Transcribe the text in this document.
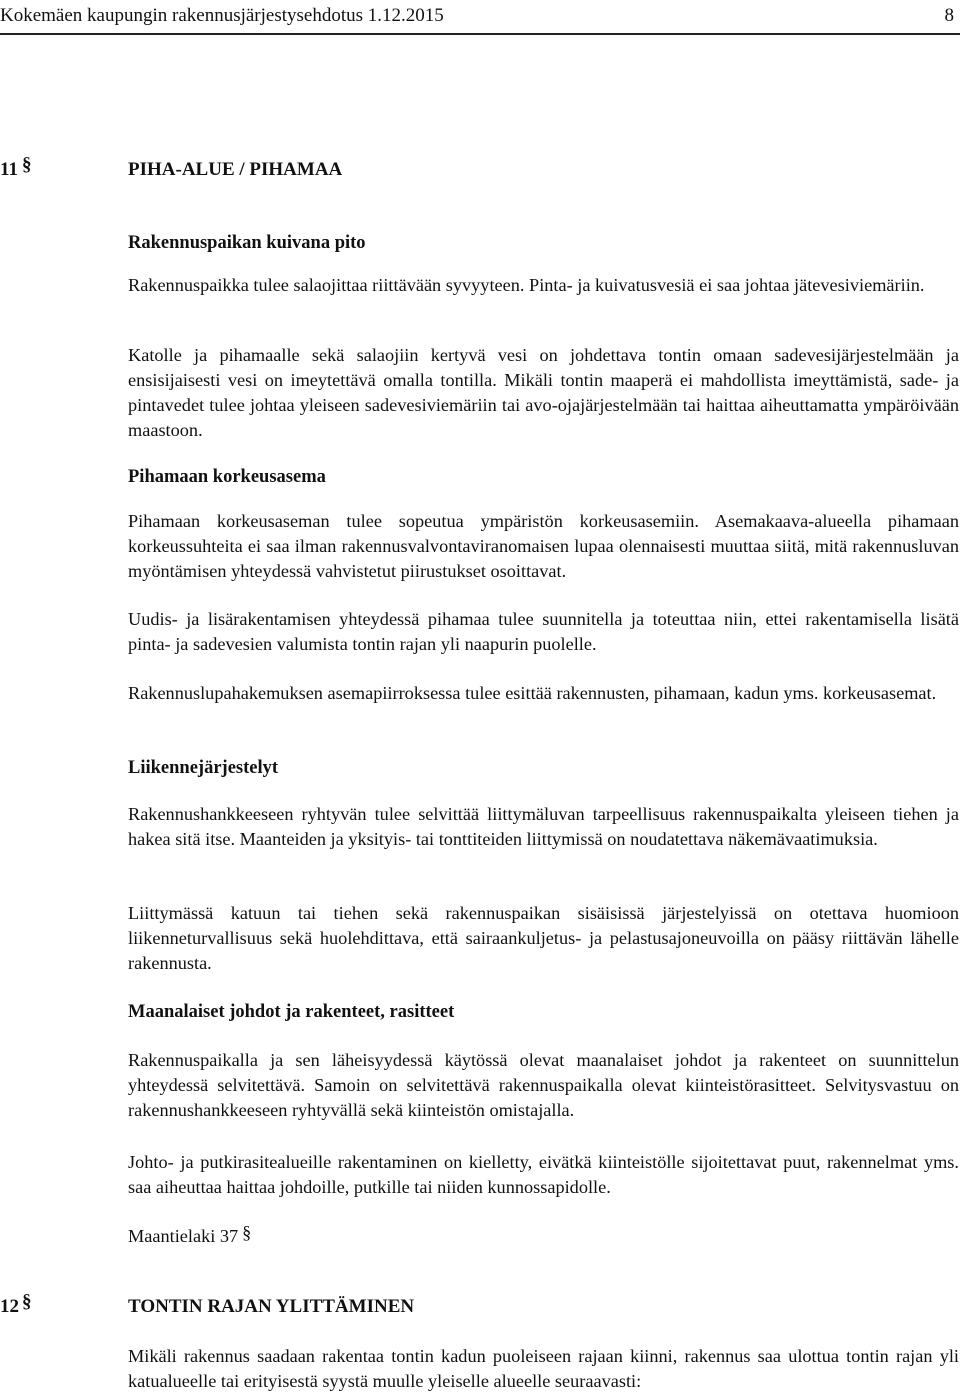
Kokemäen kaupungin rakennusjärjestysehdotus 1.12.2015	8
11 §	PIHA-ALUE / PIHAMAA
Rakennuspaikan kuivana pito
Rakennuspaikka tulee salaojittaa riittävään syvyyteen. Pinta- ja kuivatusvesiä ei saa johtaa jätevesiviemäriin.
Katolle ja pihamaalle sekä salaojiin kertyvä vesi on johdettava tontin omaan sadevesijärjestelmään ja ensisijaisesti vesi on imeytettävä omalla tontilla. Mikäli tontin maaperä ei mahdollista imeyttämistä, sade- ja pintavedet tulee johtaa yleiseen sadevesiviemäriin tai avo-ojajärjestelmään tai haittaa aiheuttamatta ympäröivään maastoon.
Pihamaan korkeusasema
Pihamaan korkeusaseman tulee sopeutua ympäristön korkeusasemiin. Asemakaava-alueella pihamaan korkeussuhteita ei saa ilman rakennusvalvontaviranomaisen lupaa olennaisesti muuttaa siitä, mitä rakennusluvan myöntämisen yhteydessä vahvistetut piirustukset osoittavat.
Uudis- ja lisärakentamisen yhteydessä pihamaa tulee suunnitella ja toteuttaa niin, ettei rakentamisella lisätä pinta- ja sadevesien valumista tontin rajan yli naapurin puolelle.
Rakennuslupahakemuksen asemapiirroksessa tulee esittää rakennusten, pihamaan, kadun yms. korkeusasemat.
Liikennejärjestelyt
Rakennushankkeeseen ryhtyvän tulee selvittää liittymäluvan tarpeellisuus rakennuspaikalta yleiseen tiehen ja hakea sitä itse. Maanteiden ja yksityis- tai tonttiteiden liittymissä on noudatettava näkemävaatimuksia.
Liittymässä katuun tai tiehen sekä rakennuspaikan sisäisissä järjestelyissä on otettava huomioon liikenneturvallisuus sekä huolehdittava, että sairaankuljetus- ja pelastusajoneuvoilla on pääsy riittävän lähelle rakennusta.
Maanalaiset johdot ja rakenteet, rasitteet
Rakennuspaikalla ja sen läheisyydessä käytössä olevat maanalaiset johdot ja rakenteet on suunnittelun yhteydessä selvitettävä. Samoin on selvitettävä rakennuspaikalla olevat kiinteistörasitteet. Selvitysvastuu on rakennushankkeeseen ryhtyvällä sekä kiinteistön omistajalla.
Johto- ja putkirasitealueille rakentaminen on kielletty, eivätkä kiinteistölle sijoitettavat puut, rakennelmat yms. saa aiheuttaa haittaa johdoille, putkille tai niiden kunnossapidolle.
Maantielaki 37 §
12 §	TONTIN RAJAN YLITTÄMINEN
Mikäli rakennus saadaan rakentaa tontin kadun puoleiseen rajaan kiinni, rakennus saa ulottua tontin rajan yli katualueelle tai erityisestä syystä muulle yleiselle alueelle seuraavasti:
